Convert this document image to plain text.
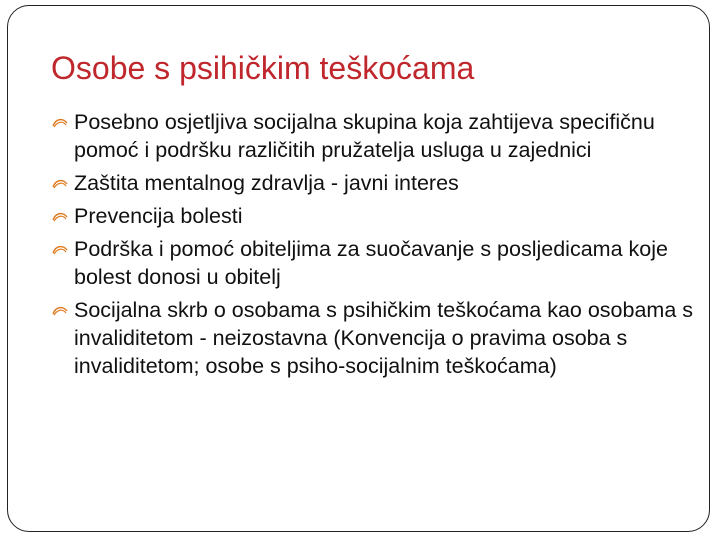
Osobe s psihičkim teškoćama
Posebno osjetljiva socijalna skupina koja zahtijeva specifičnu pomoć i podršku različitih pružatelja usluga u zajednici
Zaštita mentalnog zdravlja - javni interes
Prevencija bolesti
Podrška i pomoć obiteljima za suočavanje s posljedicama koje bolest donosi u obitelj
Socijalna skrb o osobama s psihičkim teškoćama kao osobama s invaliditetom - neizostavna (Konvencija o pravima osoba s invaliditetom; osobe s psiho-socijalnim teškoćama)
